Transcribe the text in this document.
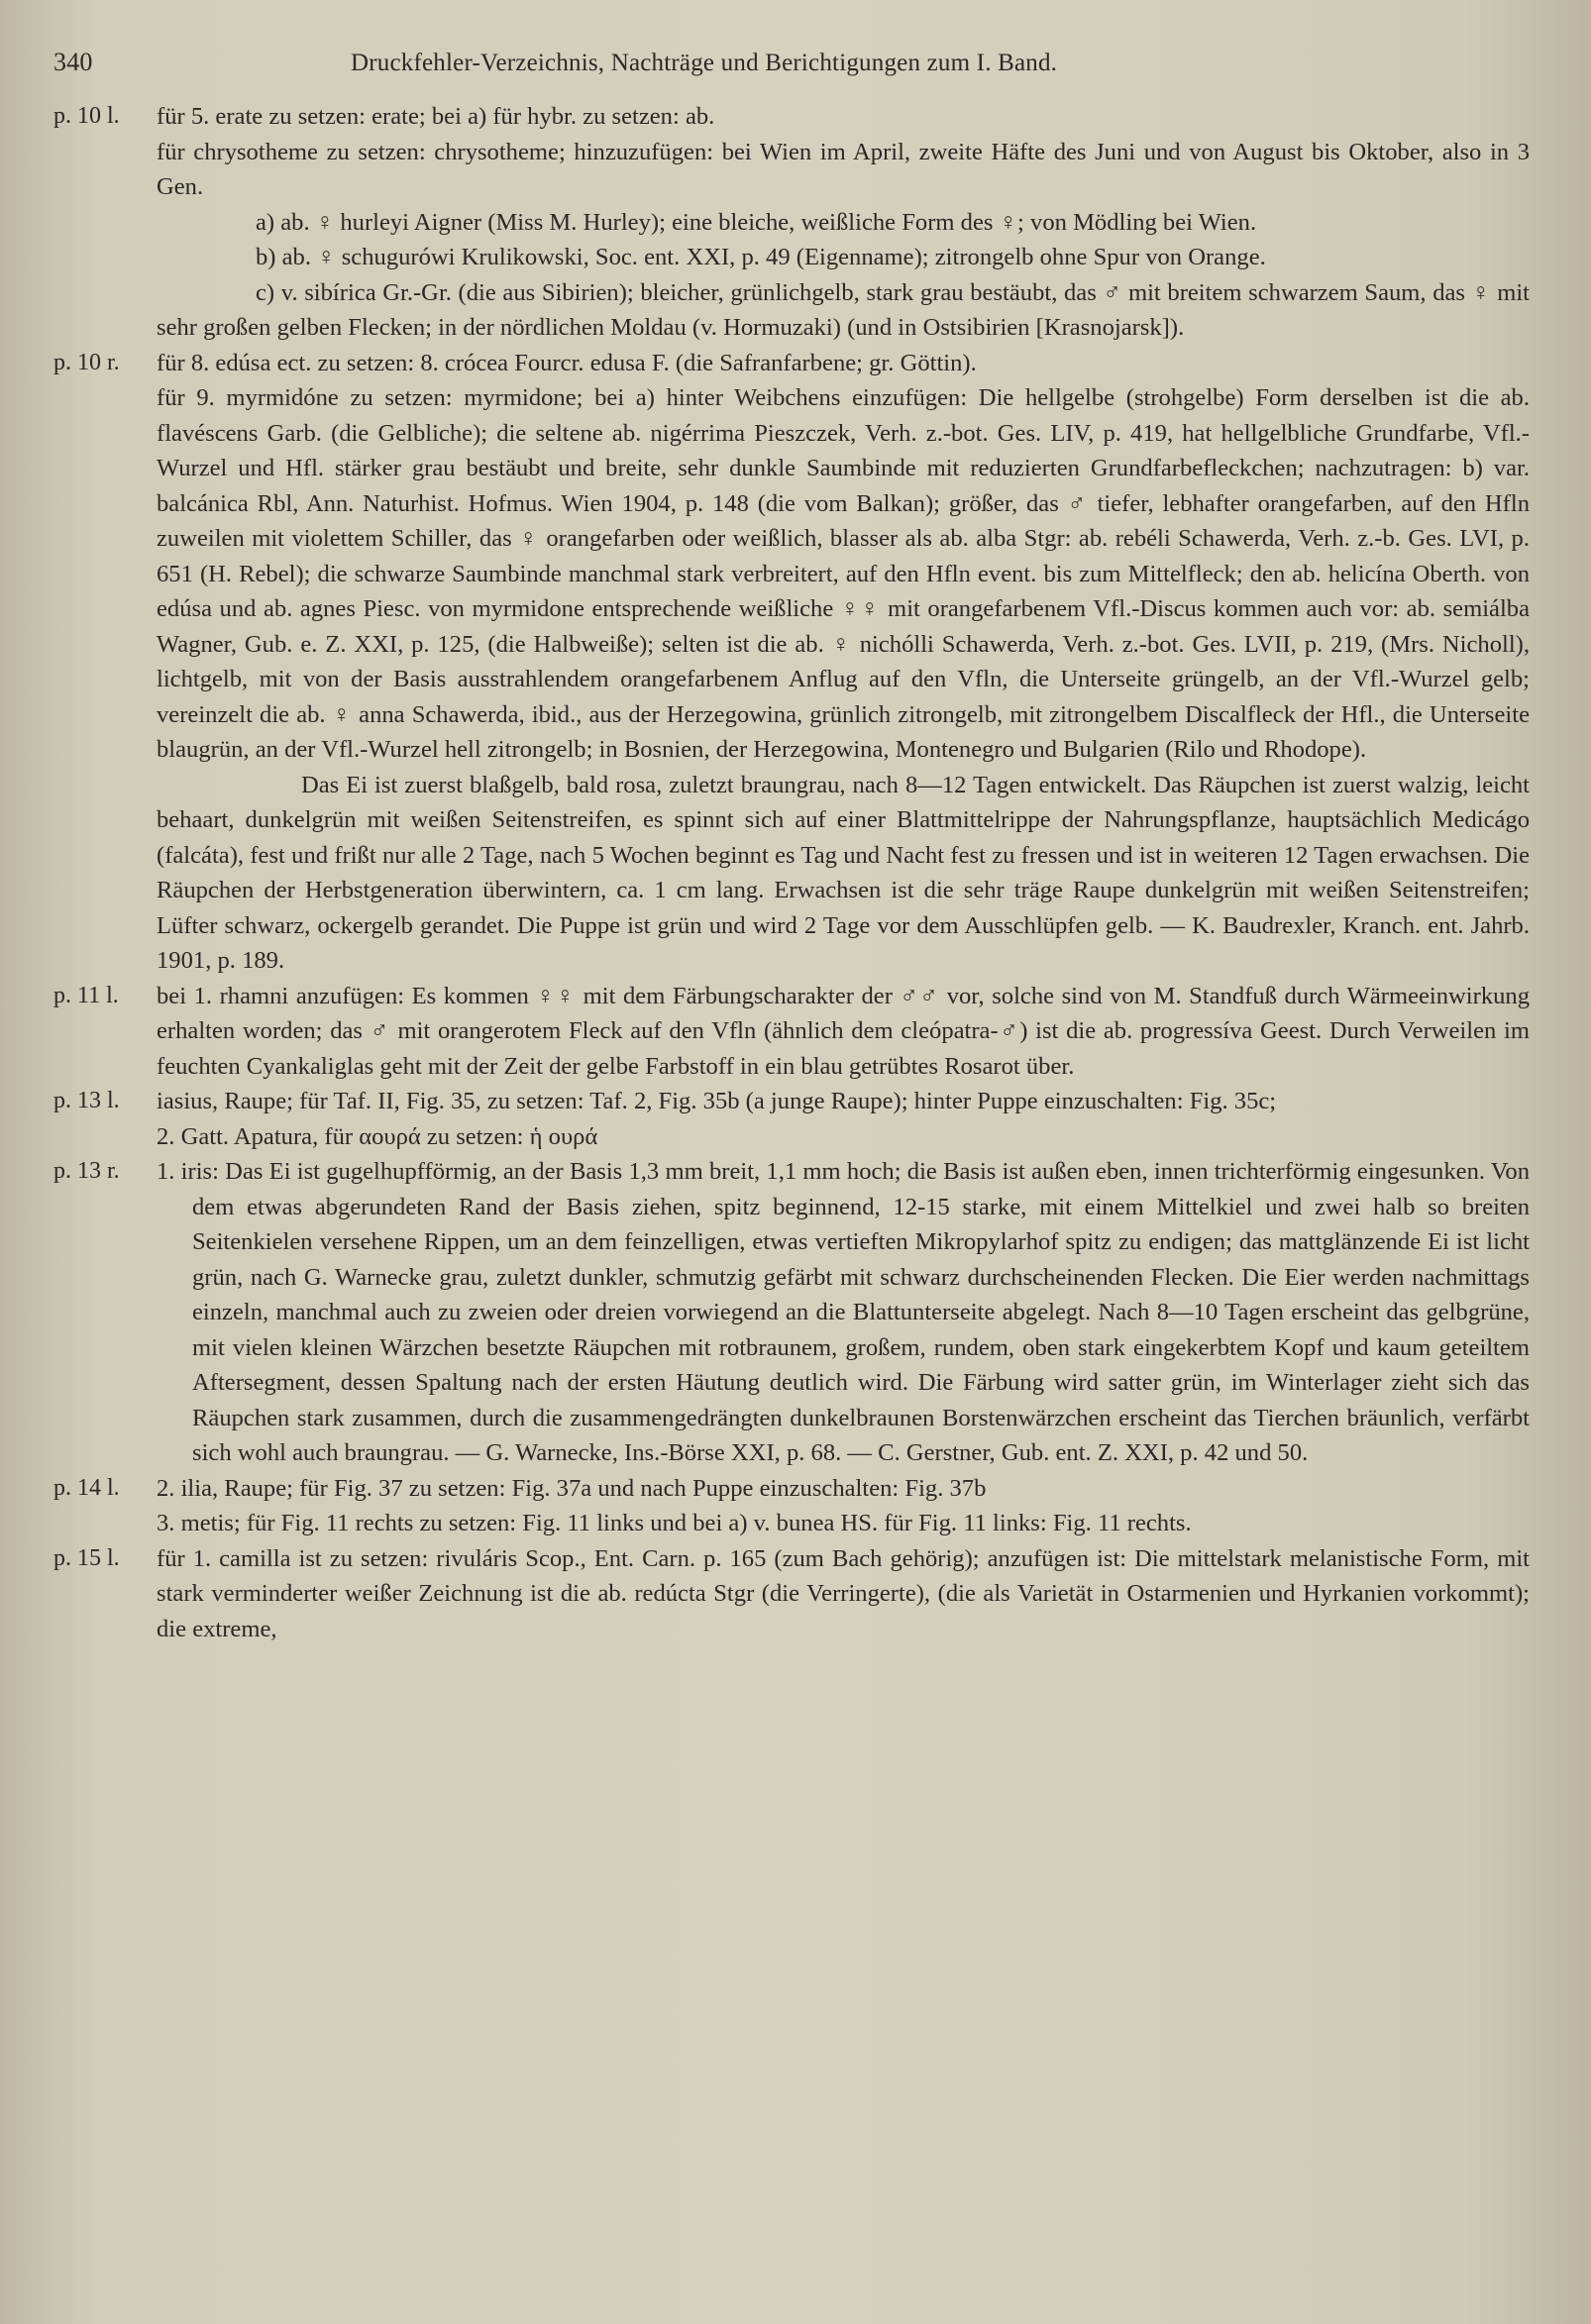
340	Druckfehler-Verzeichnis, Nachträge und Berichtigungen zum I. Band.
p. 10 l.	für 5. erate zu setzen: erate; bei a) für hybr. zu setzen: ab.

für chrysotheme zu setzen: chrysotheme; hinzuzufügen: bei Wien im April, zweite Häfte des Juni und von August bis Oktober, also in 3 Gen.

a) ab. ♀ hurleyi Aigner (Miss M. Hurley); eine bleiche, weißliche Form des ♀; von Mödling bei Wien.

b) ab. ♀ schugurówi Krulikowski, Soc. ent. XXI, p. 49 (Eigenname); zitrongelb ohne Spur von Orange.

c) v. sibírica Gr.-Gr. (die aus Sibirien); bleicher, grünlichgelb, stark grau bestäubt, das ♂ mit breitem schwarzem Saum, das ♀ mit sehr großen gelben Flecken; in der nördlichen Moldau (v. Hormuzaki) (und in Ostsibirien [Krasnojarsk]).

p. 10 r.	für 8. edúsa ect. zu setzen: 8. crócea Fourcr. edusa F. (die Safranfarbene; gr. Göttin).

für 9. myrmidóne zu setzen: myrmidone; bei a) hinter Weibchens einzufügen: Die hellgelbe (strohgelbe) Form derselben ist die ab. flavéscens Garb. (die Gelbliche); die seltene ab. nigérrima Pieszczek, Verh. z.-bot. Ges. LIV, p. 419, hat hellgelbliche Grundfarbe, Vfl.-Wurzel und Hfl. stärker grau bestäubt und breite, sehr dunkle Saumbinde mit reduzierten Grundfarbefleckchen; nachzutragen: b) var. balcánica Rbl, Ann. Naturhist. Hofmus. Wien 1904, p. 148 (die vom Balkan); größer, das ♂ tiefer, lebhafter orangefarben, auf den Hfln zuweilen mit violettem Schiller, das ♀ orangefarben oder weißlich, blasser als ab. alba Stgr: ab. rebéli Schawerda, Verh. z.-b. Ges. LVI, p. 651 (H. Rebel); die schwarze Saumbinde manchmal stark verbreitert, auf den Hfln event. bis zum Mittelfleck; den ab. helicína Oberth. von edúsa und ab. agnes Piesc. von myrmidone entsprechende weißliche ♀♀ mit orangefarbenem Vfl.-Discus kommen auch vor: ab. semiálba Wagner, Gub. e. Z. XXI, p. 125, (die Halbweiße); selten ist die ab. ♀ nichólli Schawerda, Verh. z.-bot. Ges. LVII, p. 219, (Mrs. Nicholl), lichtgelb, mit von der Basis ausstrahlendem orangefarbenem Anflug auf den Vfln, die Unterseite grüngelb, an der Vfl.-Wurzel gelb; vereinzelt die ab. ♀ anna Schawerda, ibid., aus der Herzegowina, grünlich zitrongelb, mit zitrongelbem Discalfleck der Hfl., die Unterseite blaugrün, an der Vfl.-Wurzel hell zitrongelb; in Bosnien, der Herzegowina, Montenegro und Bulgarien (Rilo und Rhodope).

Das Ei ist zuerst blaßgelb, bald rosa, zuletzt braungrau, nach 8—12 Tagen entwickelt. Das Räupchen ist zuerst walzig, leicht behaart, dunkelgrün mit weißen Seitenstreifen, es spinnt sich auf einer Blattmittelrippe der Nahrungspflanze, hauptsächlich Medicágo (falcáta), fest und frißt nur alle 2 Tage, nach 5 Wochen beginnt es Tag und Nacht fest zu fressen und ist in weiteren 12 Tagen erwachsen. Die Räupchen der Herbstgeneration überwintern, ca. 1 cm lang. Erwachsen ist die sehr träge Raupe dunkelgrün mit weißen Seitenstreifen; Lüfter schwarz, ockergelb gerandet. Die Puppe ist grün und wird 2 Tage vor dem Ausschlüpfen gelb. — K. Baudrexler, Kranch. ent. Jahrb. 1901, p. 189.

p. 11 l.	bei 1. rhamni anzufügen: Es kommen ♀♀ mit dem Färbungscharakter der ♂♂ vor, solche sind von M. Standfuß durch Wärmeeinwirkung erhalten worden; das ♂ mit orangerotem Fleck auf den Vfln (ähnlich dem cleópatra-♂) ist die ab. progressíva Geest. Durch Verweilen im feuchten Cyankaliglas geht mit der Zeit der gelbe Farbstoff in ein blau getrübtes Rosarot über.

p. 13 l.	iasius, Raupe; für Taf. II, Fig. 35, zu setzen: Taf. 2, Fig. 35b (a junge Raupe); hinter Puppe einzuschalten: Fig. 35c;

2. Gatt. Apatura, für αουρά zu setzen: ἡ ουρά

p. 13 r.	1. iris: Das Ei ist gugelhupfförmig, an der Basis 1,3 mm breit, 1,1 mm hoch; die Basis ist außen eben, innen trichterförmig eingesunken. Von dem etwas abgerundeten Rand der Basis ziehen, spitz beginnend, 12-15 starke, mit einem Mittelkiel und zwei halb so breiten Seitenkielen versehene Rippen, um an dem feinzelligen, etwas vertieften Mikropylarhof spitz zu endigen; das mattglänzende Ei ist licht grün, nach G. Warnecke grau, zuletzt dunkler, schmutzig gefärbt mit schwarz durchscheinenden Flecken. Die Eier werden nachmittags einzeln, manchmal auch zu zweien oder dreien vorwiegend an die Blattunterseite abgelegt. Nach 8—10 Tagen erscheint das gelbgrüne, mit vielen kleinen Wärzchen besetzte Räupchen mit rotbraunem, großem, rundem, oben stark eingekerbtem Kopf und kaum geteiltem Aftersegment, dessen Spaltung nach der ersten Häutung deutlich wird. Die Färbung wird satter grün, im Winterlager zieht sich das Räupchen stark zusammen, durch die zusammengedrängten dunkelbraunen Borstenwärzchen erscheint das Tierchen bräunlich, verfärbt sich wohl auch braungrau. — G. Warnecke, Ins.-Börse XXI, p. 68. — C. Gerstner, Gub. ent. Z. XXI, p. 42 und 50.

p. 14 l.	2. ilia, Raupe; für Fig. 37 zu setzen: Fig. 37a und nach Puppe einzuschalten: Fig. 37b

3. metis; für Fig. 11 rechts zu setzen: Fig. 11 links und bei a) v. bunea HS. für Fig. 11 links: Fig. 11 rechts.

p. 15 l.	für 1. camilla ist zu setzen: rivuláris Scop., Ent. Carn. p. 165 (zum Bach gehörig); anzufügen ist: Die mittelstark melanistische Form, mit stark verminderter weißer Zeichnung ist die ab. redúcta Stgr (die Verringerte), (die als Varietät in Ostarmenien und Hyrkanien vorkommt); die extreme,
